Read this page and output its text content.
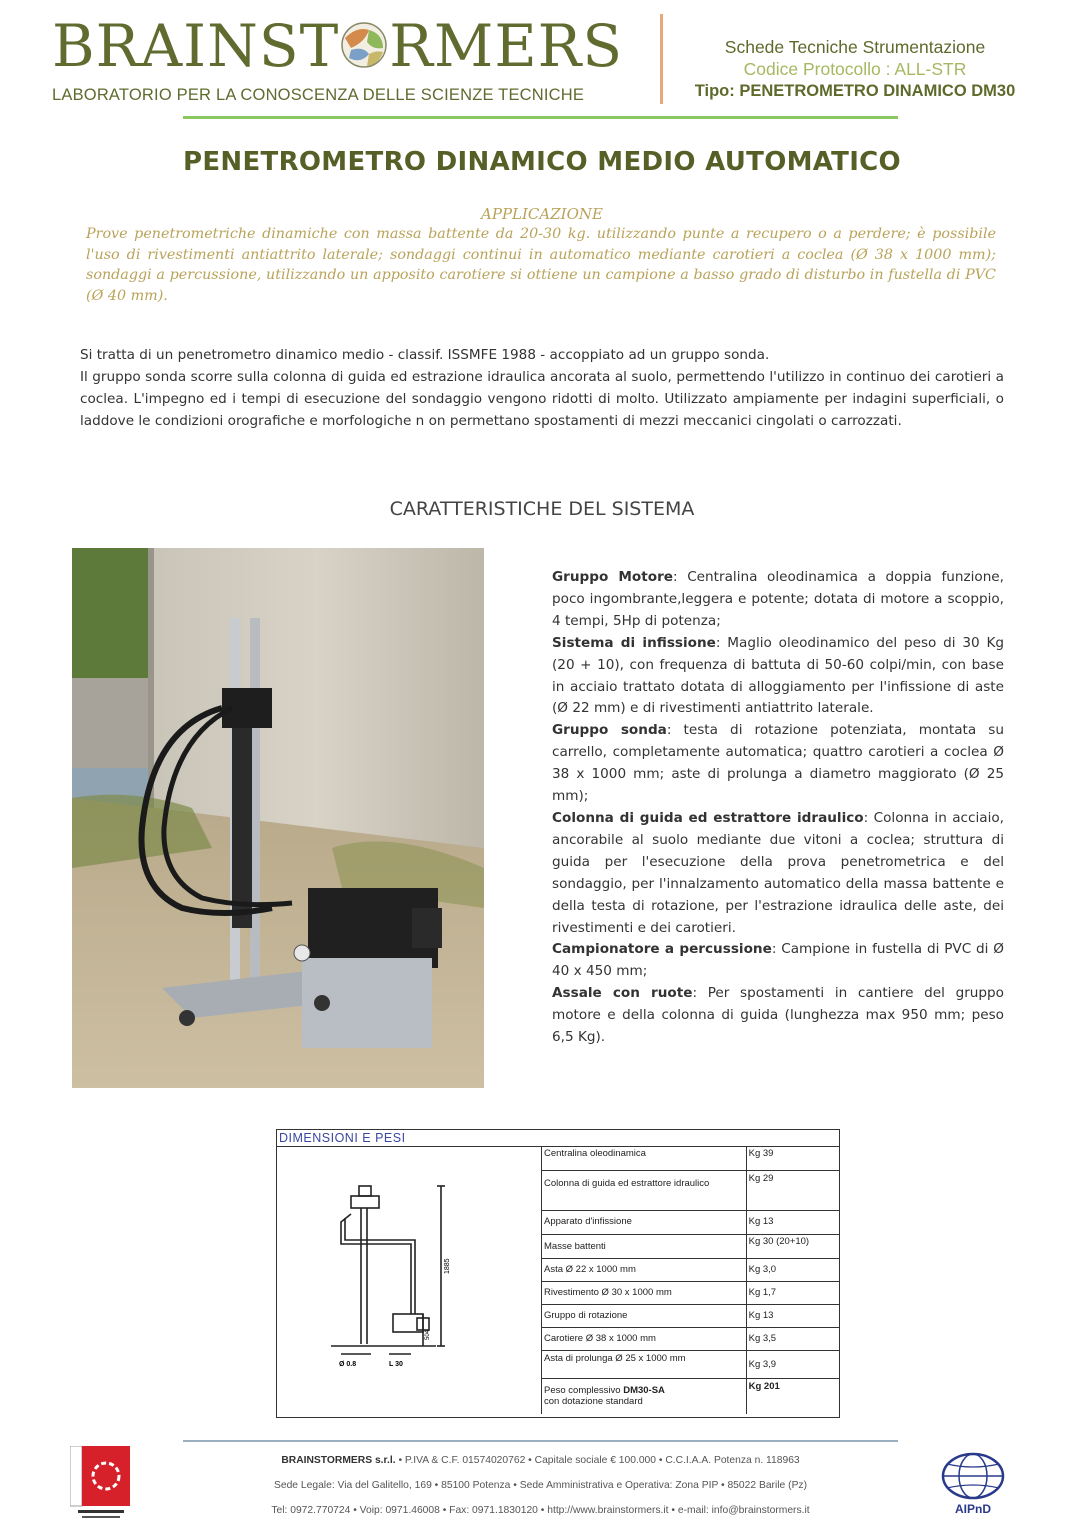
BRAINST RMERS
LABORATORIO PER LA CONOSCENZA DELLE SCIENZE TECNICHE
Schede Tecniche Strumentazione
Codice Protocollo : ALL-STR
Tipo: PENETROMETRO DINAMICO DM30
PENETROMETRO DINAMICO MEDIO AUTOMATICO
APPLICAZIONE
Prove penetrometriche dinamiche con massa battente da 20-30 kg. utilizzando punte a recupero o a perdere; è possibile l'uso di rivestimenti antiattrito laterale; sondaggi continui in automatico mediante carotieri a coclea (Ø 38 x 1000 mm); sondaggi a percussione, utilizzando un apposito carotiere si ottiene un campione a basso grado di disturbo in fustella di PVC (Ø 40 mm).

Si tratta di un penetrometro dinamico medio - classif. ISSMFE 1988 - accoppiato ad un gruppo sonda.

Il gruppo sonda scorre sulla colonna di guida ed estrazione idraulica ancorata al suolo, permettendo l'utilizzo in continuo dei carotieri a coclea. L'impegno ed i tempi di esecuzione del sondaggio vengono ridotti di molto. Utilizzato ampiamente per indagini superficiali, o laddove le condizioni orografiche e morfologiche n on permettano spostamenti di mezzi meccanici cingolati o carrozzati.

CARATTERISTICHE DEL SISTEMA

Gruppo Motore: Centralina oleodinamica a doppia funzione, poco ingombrante,leggera e potente; dotata di motore a scoppio, 4 tempi, 5Hp di potenza;

Sistema di infissione: Maglio oleodinamico del peso di 30 Kg (20 + 10), con frequenza di battuta di 50-60 colpi/min, con base in acciaio trattato dotata di alloggiamento per l'infissione di aste (Ø 22 mm) e di rivestimenti antiattrito laterale.

Gruppo sonda: testa di rotazione potenziata, montata su carrello, completamente automatica; quattro carotieri a coclea Ø 38 x 1000 mm; aste di prolunga a diametro maggiorato (Ø 25 mm);

Colonna di guida ed estrattore idraulico: Colonna in acciaio, ancorabile al suolo mediante due vitoni a coclea; struttura di guida per l'esecuzione della prova penetrometrica e del sondaggio, per l'innalzamento automatico della massa battente e della testa di rotazione, per l'estrazione idraulica delle aste, dei rivestimenti e dei carotieri.

Campionatore a percussione: Campione in fustella di PVC di Ø 40 x 450 mm;

Assale con ruote: Per spostamenti in cantiere del gruppo motore e della colonna di guida (lunghezza max 950 mm; peso 6,5 Kg).

DIMENSIONI E PESI
1885
504
Ø 0.8	L 30
Centralina oleodinamica	Kg 39
Colonna di guida ed estrattore idraulico	Kg 29
Apparato d'infissione	Kg 13
Masse battenti	Kg 30 (20+10)
Asta Ø 22 x 1000 mm	Kg 3,0
Rivestimento Ø 30 x 1000 mm	Kg 1,7
Gruppo di rotazione	Kg 13
Carotiere Ø 38 x 1000 mm	Kg 3,5
Asta di prolunga Ø 25 x 1000 mm	Kg 3,9
Peso complessivo DM30-SA
con dotazione standard	Kg 201
BRAINSTORMERS s.r.l. • P.IVA & C.F. 01574020762 • Capitale sociale € 100.000 • C.C.I.A.A. Potenza n. 118963
Sede Legale: Via del Galitello, 169 • 85100 Potenza • Sede Amministrativa e Operativa: Zona PIP • 85022 Barile (Pz)
Tel: 0972.770724 • Voip: 0971.46008 • Fax: 0971.1830120 • http://www.brainstormers.it • e-mail: info@brainstormers.it	AIPnD
